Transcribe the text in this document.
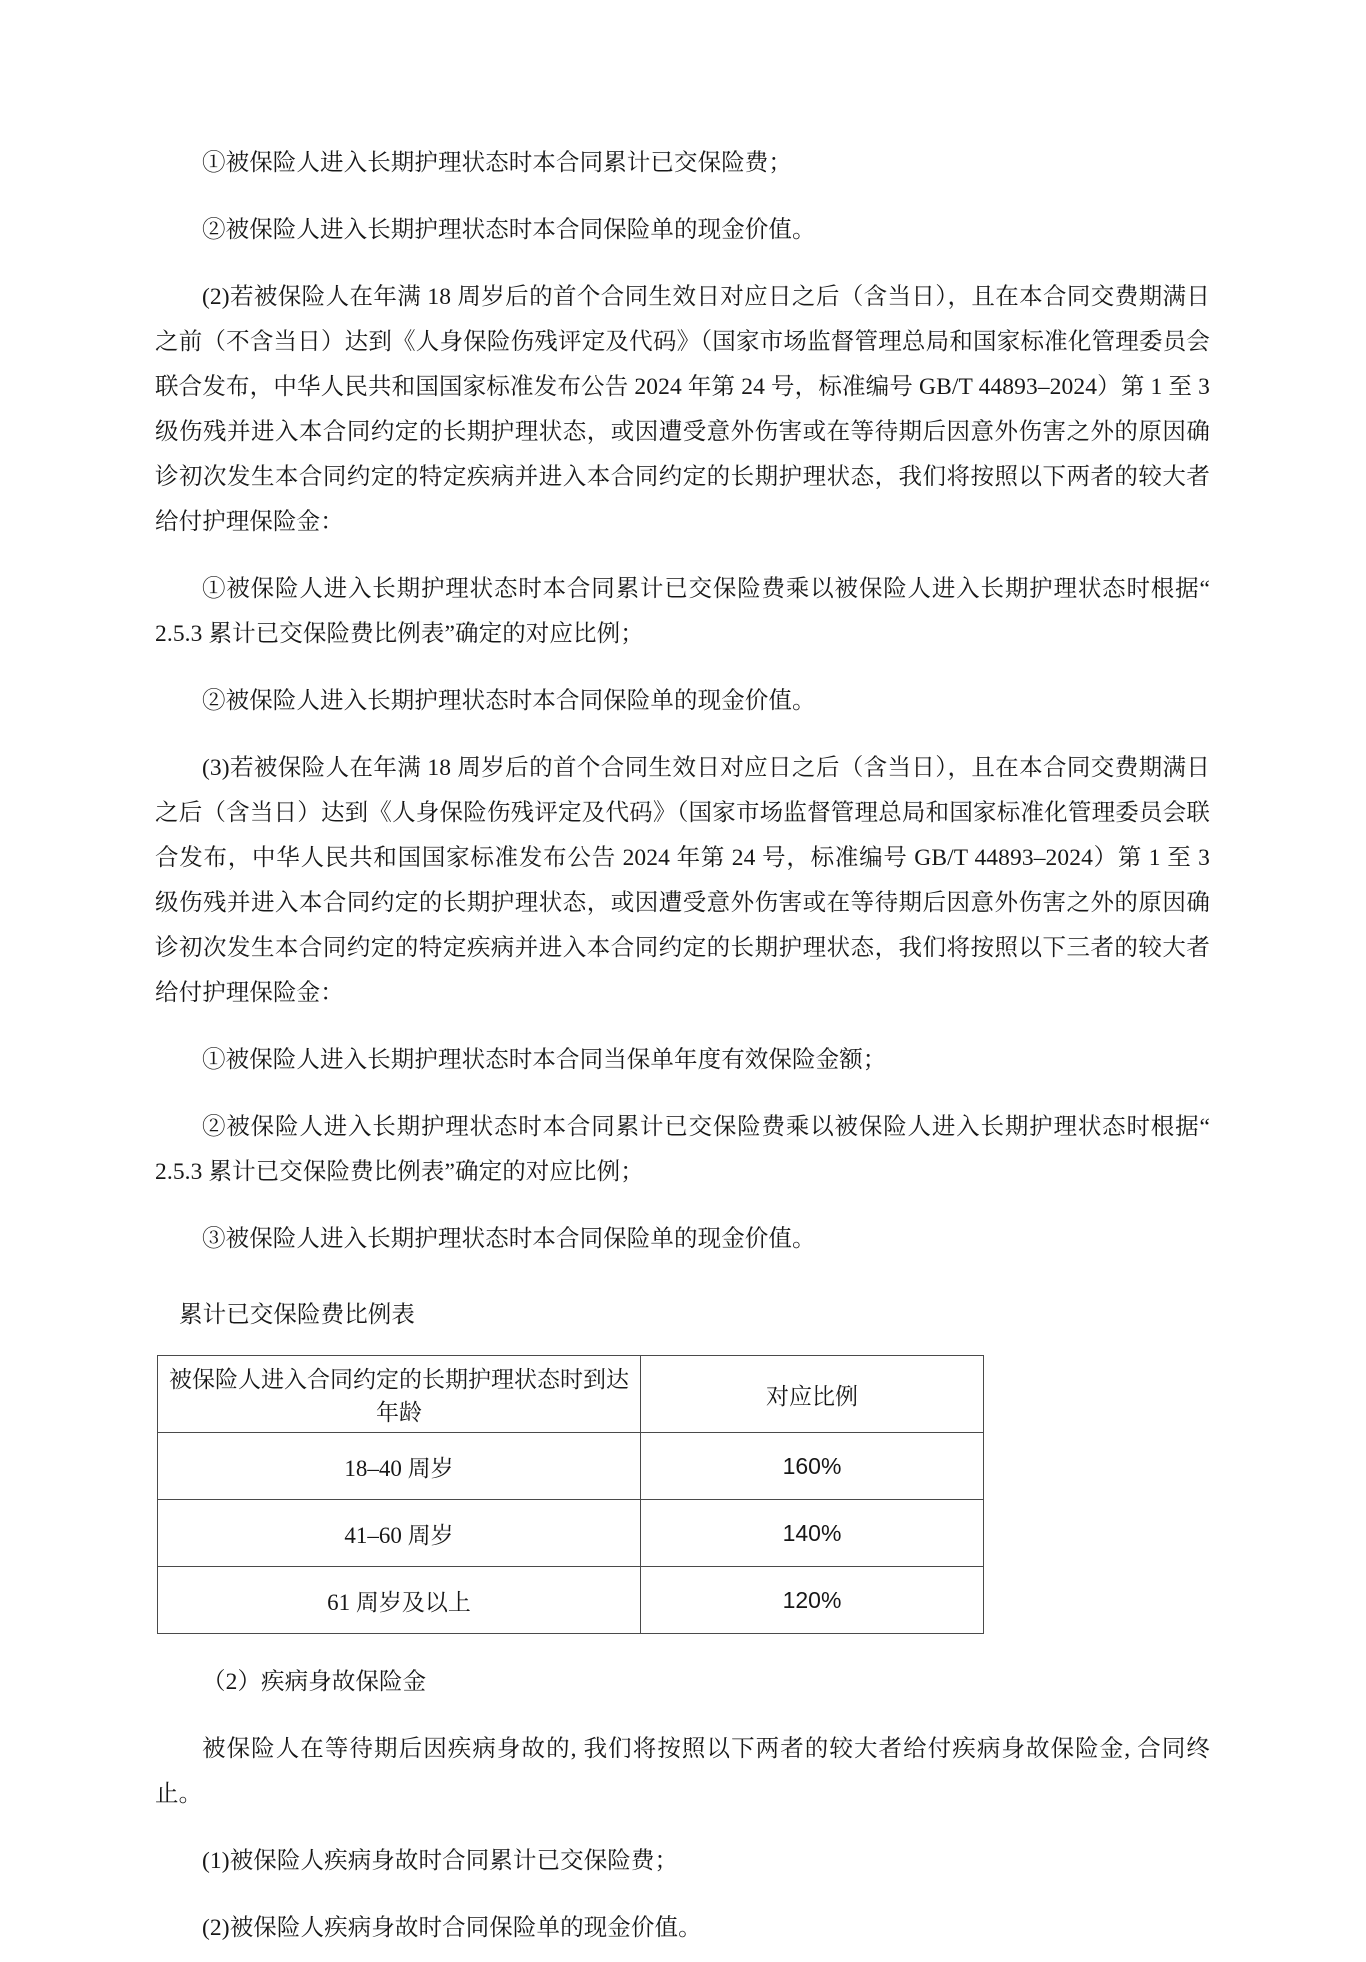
①被保险人进入长期护理状态时本合同累计已交保险费；

②被保险人进入长期护理状态时本合同保险单的现金价值。

(2)若被保险人在年满 18 周岁后的首个合同生效日对应日之后（含当日），且在本合同交费期满日之前（不含当日）达到《人身保险伤残评定及代码》（国家市场监督管理总局和国家标准化管理委员会联合发布，中华人民共和国国家标准发布公告 2024 年第 24 号，标准编号 GB/T 44893–2024）第 1 至 3 级伤残并进入本合同约定的长期护理状态，或因遭受意外伤害或在等待期后因意外伤害之外的原因确诊初次发生本合同约定的特定疾病并进入本合同约定的长期护理状态，我们将按照以下两者的较大者给付护理保险金：

①被保险人进入长期护理状态时本合同累计已交保险费乘以被保险人进入长期护理状态时根据“ 2.5.3 累计已交保险费比例表”确定的对应比例；

②被保险人进入长期护理状态时本合同保险单的现金价值。

(3)若被保险人在年满 18 周岁后的首个合同生效日对应日之后（含当日），且在本合同交费期满日之后（含当日）达到《人身保险伤残评定及代码》（国家市场监督管理总局和国家标准化管理委员会联合发布，中华人民共和国国家标准发布公告 2024 年第 24 号，标准编号 GB/T 44893–2024）第 1 至 3 级伤残并进入本合同约定的长期护理状态，或因遭受意外伤害或在等待期后因意外伤害之外的原因确诊初次发生本合同约定的特定疾病并进入本合同约定的长期护理状态，我们将按照以下三者的较大者给付护理保险金：

①被保险人进入长期护理状态时本合同当保单年度有效保险金额；

②被保险人进入长期护理状态时本合同累计已交保险费乘以被保险人进入长期护理状态时根据“ 2.5.3 累计已交保险费比例表”确定的对应比例；

③被保险人进入长期护理状态时本合同保险单的现金价值。

累计已交保险费比例表

被保险人进入合同约定的长期护理状态时到达年龄	对应比例
18–40 周岁	160%
41–60 周岁	140%
61 周岁及以上	120%

（2）疾病身故保险金

被保险人在等待期后因疾病身故的, 我们将按照以下两者的较大者给付疾病身故保险金, 合同终止。

(1)被保险人疾病身故时合同累计已交保险费；

(2)被保险人疾病身故时合同保险单的现金价值。
